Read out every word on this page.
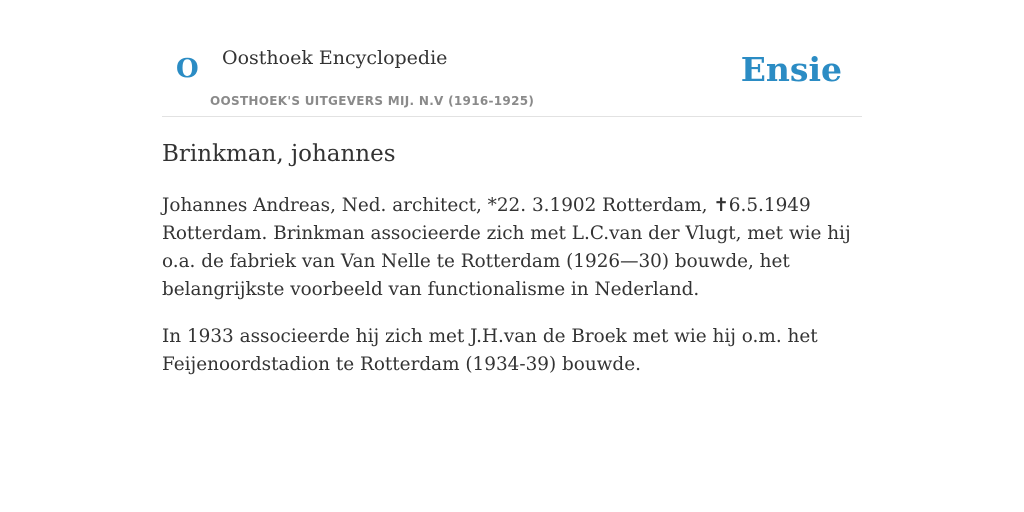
O Oosthoek Encyclopedie
OOSTHOEK'S UITGEVERS MIJ. N.V (1916-1925)
Ensie
Brinkman, johannes

Johannes Andreas, Ned. architect, *22. 3.1902 Rotterdam, ✝6.5.1949 Rotterdam. Brinkman associeerde zich met L.C.van der Vlugt, met wie hij o.a. de fabriek van Van Nelle te Rotterdam (1926—30) bouwde, het belangrijkste voorbeeld van functionalisme in Nederland.

In 1933 associeerde hij zich met J.H.van de Broek met wie hij o.m. het Feijenoordstadion te Rotterdam (1934-39) bouwde.
